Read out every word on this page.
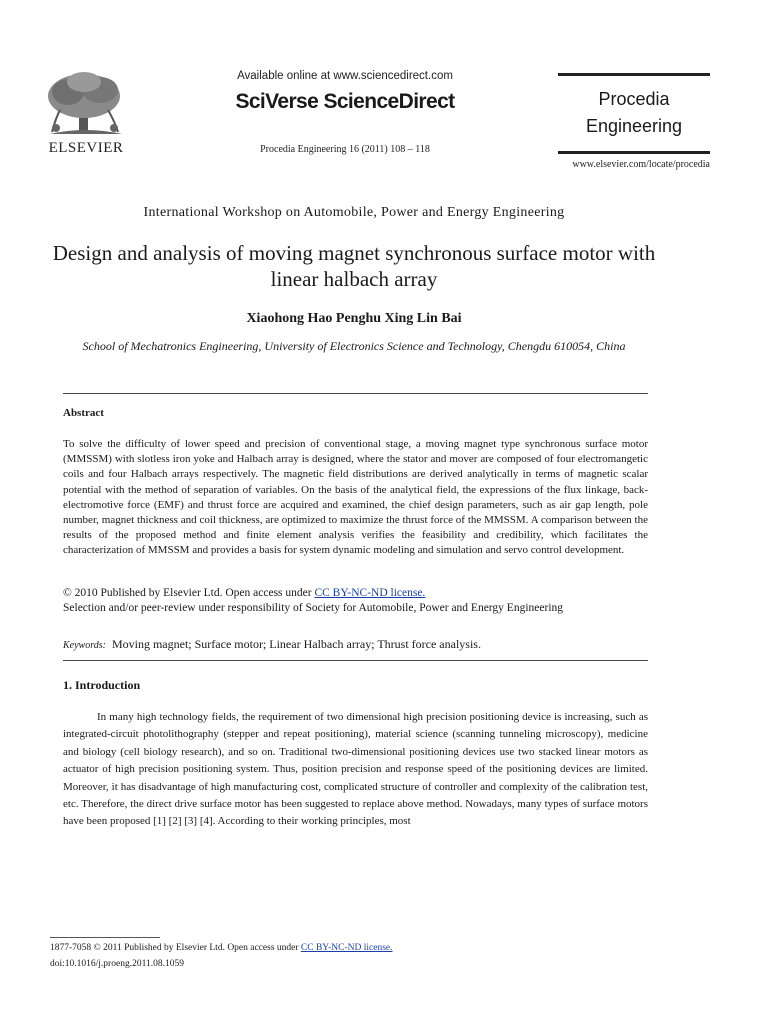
ELSEVIER
Available online at www.sciencedirect.com
SciVerse ScienceDirect
Procedia Engineering 16 (2011) 108 – 118
Procedia Engineering
www.elsevier.com/locate/procedia
International Workshop on Automobile, Power and Energy Engineering
Design and analysis of moving magnet synchronous surface motor with linear halbach array
Xiaohong Hao Penghu Xing Lin Bai
School of Mechatronics Engineering, University of Electronics Science and Technology, Chengdu 610054, China
Abstract
To solve the difficulty of lower speed and precision of conventional stage, a moving magnet type synchronous surface motor (MMSSM) with slotless iron yoke and Halbach array is designed, where the stator and mover are composed of four electromangetic coils and four Halbach arrays respectively. The magnetic field distributions are derived analytically in terms of magnetic scalar potential with the method of separation of variables. On the basis of the analytical field, the expressions of the flux linkage, back-electromotive force (EMF) and thrust force are acquired and examined, the chief design parameters, such as air gap length, pole number, magnet thickness and coil thickness, are optimized to maximize the thrust force of the MMSSM. A comparison between the results of the proposed method and finite element analysis verifies the feasibility and credibility, which facilitates the characterization of MMSSM and provides a basis for system dynamic modeling and simulation and servo control development.
© 2010 Published by Elsevier Ltd. Open access under CC BY-NC-ND license.
Selection and/or peer-review under responsibility of Society for Automobile, Power and Energy Engineering
Keywords: Moving magnet; Surface motor; Linear Halbach array; Thrust force analysis.
1. Introduction
In many high technology fields, the requirement of two dimensional high precision positioning device is increasing, such as integrated-circuit photolithography (stepper and repeat positioning), material science (scanning tunneling microscopy), medicine and biology (cell biology research), and so on. Traditional two-dimensional positioning devices use two stacked linear motors as actuator of high precision positioning system. Thus, position precision and response speed of the positioning devices are limited. Moreover, it has disadvantage of high manufacturing cost, complicated structure of controller and complexity of the calibration test, etc. Therefore, the direct drive surface motor has been suggested to replace above method. Nowadays, many types of surface motors have been proposed [1] [2] [3] [4]. According to their working principles, most
1877-7058 © 2011 Published by Elsevier Ltd. Open access under CC BY-NC-ND license.
doi:10.1016/j.proeng.2011.08.1059
